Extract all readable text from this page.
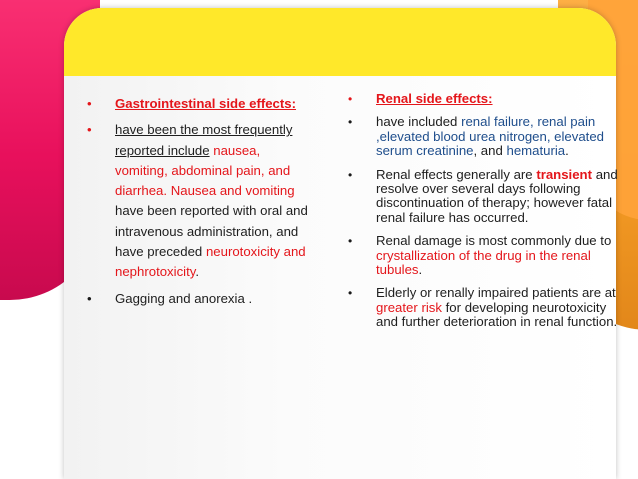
• Gastrointestinal side effects:
• have been the most frequently reported include nausea, vomiting, abdominal pain, and diarrhea. Nausea and vomiting have been reported with oral and intravenous administration, and have preceded neurotoxicity and nephrotoxicity.
• Gagging and anorexia .
• Renal side effects:
• have included renal failure, renal pain ,elevated blood urea nitrogen, elevated serum creatinine, and hematuria.
• Renal effects generally are transient and resolve over several days following discontinuation of therapy; however fatal renal failure has occurred.
• Renal damage is most commonly due to crystallization of the drug in the renal tubules.
• Elderly or renally impaired patients are at greater risk for developing neurotoxicity and further deterioration in renal function.
